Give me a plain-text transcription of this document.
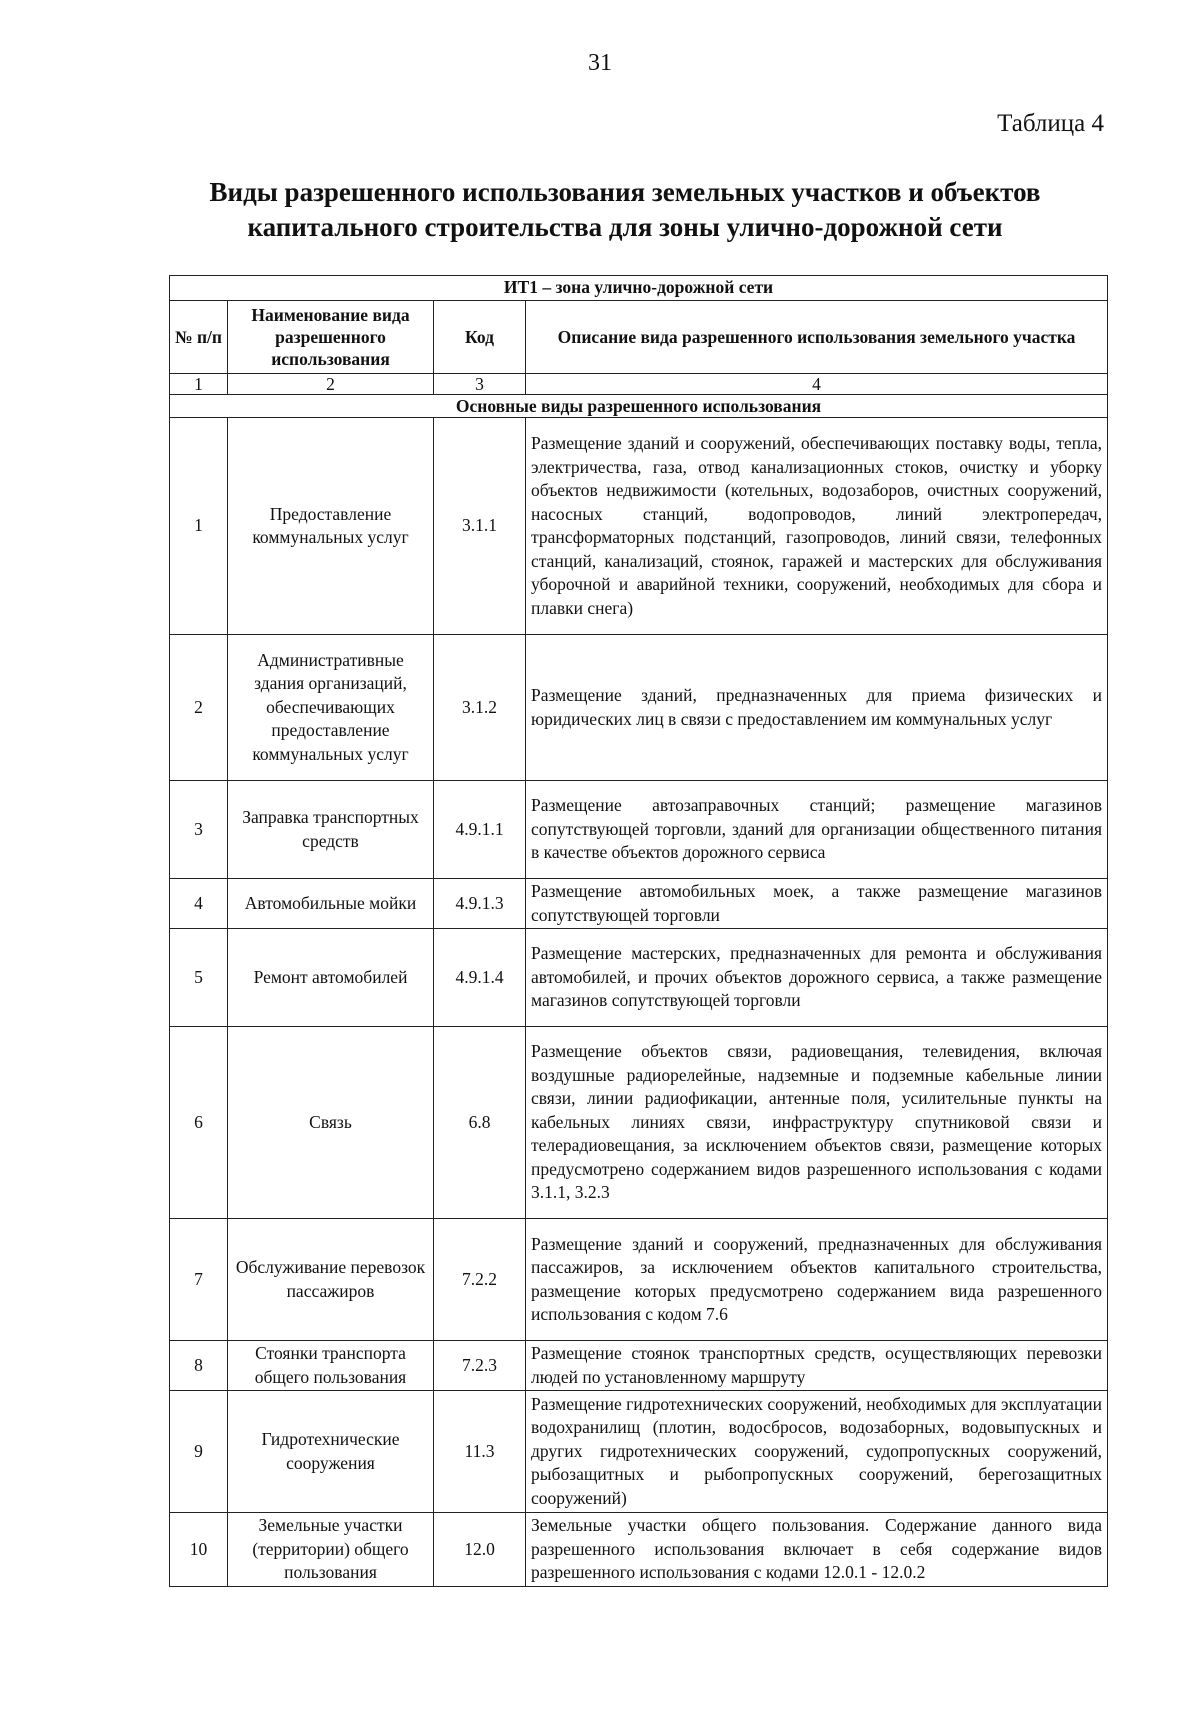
31
Таблица 4
Виды разрешенного использования земельных участков и объектов
капитального строительства для зоны улично-дорожной сети
ИТ1 – зона улично-дорожной сети			
№ п/п	Наименование вида разрешенного использования	Код	Описание вида разрешенного использования земельного участка
1	2	3	4
Основные виды разрешенного использования			
1	Предоставление коммунальных услуг	3.1.1	Размещение зданий и сооружений, обеспечивающих поставку воды, тепла, электричества, газа, отвод канализационных стоков, очистку и уборку объектов недвижимости (котельных, водозаборов, очистных сооружений, насосных станций, водопроводов, линий электропередач, трансформаторных подстанций, газопроводов, линий связи, телефонных станций, канализаций, стоянок, гаражей и мастерских для обслуживания уборочной и аварийной техники, сооружений, необходимых для сбора и плавки снега)
2	Административные здания организаций, обеспечивающих предоставление коммунальных услуг	3.1.2	Размещение зданий, предназначенных для приема физических и юридических лиц в связи с предоставлением им коммунальных услуг
3	Заправка транспортных средств	4.9.1.1	Размещение автозаправочных станций; размещение магазинов сопутствующей торговли, зданий для организации общественного питания в качестве объектов дорожного сервиса
4	Автомобильные мойки	4.9.1.3	Размещение автомобильных моек, а также размещение магазинов сопутствующей торговли
5	Ремонт автомобилей	4.9.1.4	Размещение мастерских, предназначенных для ремонта и обслуживания автомобилей, и прочих объектов дорожного сервиса, а также размещение магазинов сопутствующей торговли
6	Связь	6.8	Размещение объектов связи, радиовещания, телевидения, включая воздушные радиорелейные, надземные и подземные кабельные линии связи, линии радиофикации, антенные поля, усилительные пункты на кабельных линиях связи, инфраструктуру спутниковой связи и телерадиовещания, за исключением объектов связи, размещение которых предусмотрено содержанием видов разрешенного использования с кодами 3.1.1, 3.2.3
7	Обслуживание перевозок пассажиров	7.2.2	Размещение зданий и сооружений, предназначенных для обслуживания пассажиров, за исключением объектов капитального строительства, размещение которых предусмотрено содержанием вида разрешенного использования с кодом 7.6
8	Стоянки транспорта общего пользования	7.2.3	Размещение стоянок транспортных средств, осуществляющих перевозки людей по установленному маршруту
9	Гидротехнические сооружения	11.3	Размещение гидротехнических сооружений, необходимых для эксплуатации водохранилищ (плотин, водосбросов, водозаборных, водовыпускных и других гидротехнических сооружений, судопропускных сооружений, рыбозащитных и рыбопропускных сооружений, берегозащитных сооружений)
10	Земельные участки (территории) общего пользования	12.0	Земельные участки общего пользования. Содержание данного вида разрешенного использования включает в себя содержание видов разрешенного использования с кодами 12.0.1 - 12.0.2
